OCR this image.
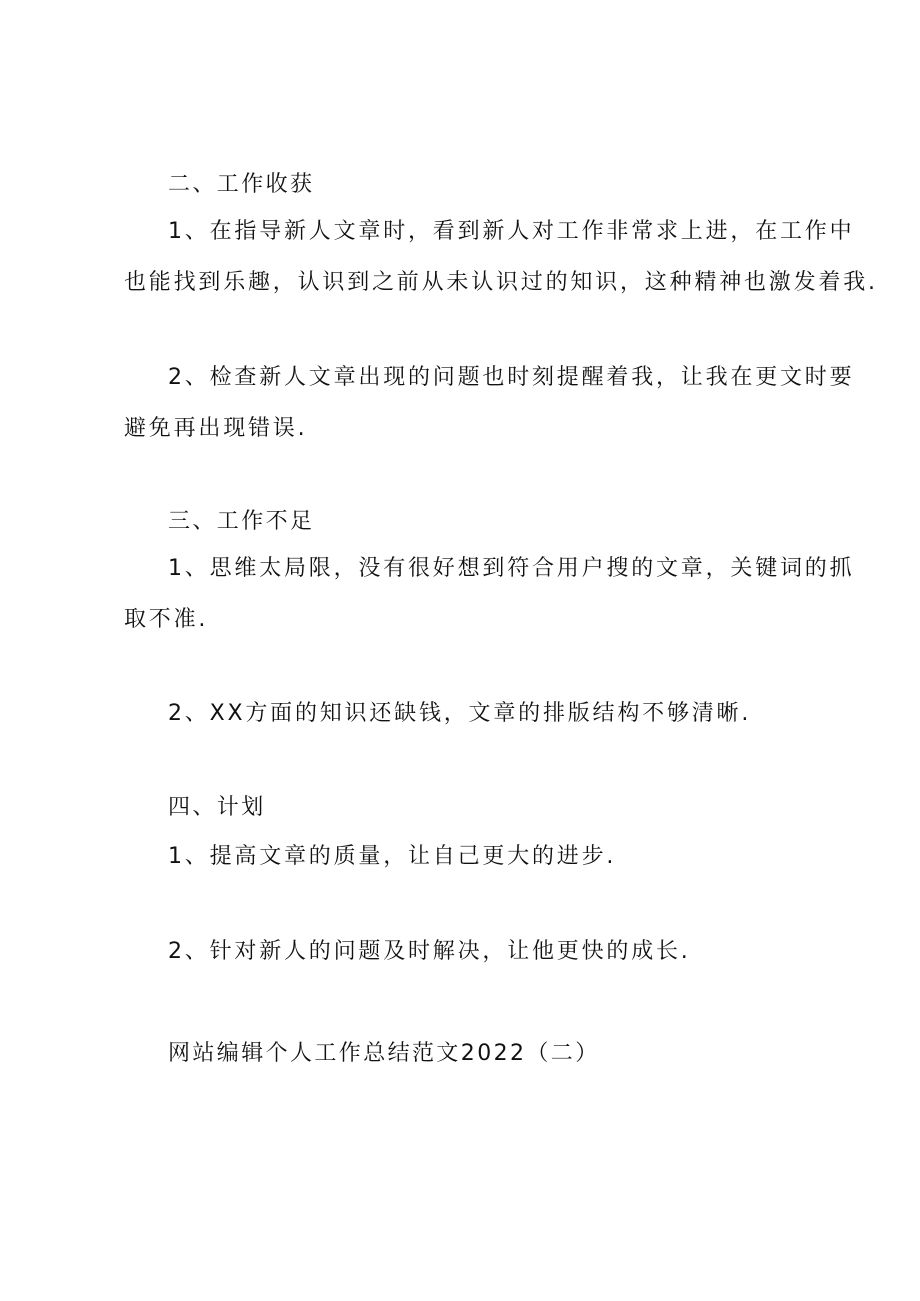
二、工作收获
1、在指导新人文章时，看到新人对工作非常求上进，在工作中
也能找到乐趣，认识到之前从未认识过的知识，这种精神也激发着我.
2、检查新人文章出现的问题也时刻提醒着我，让我在更文时要
避免再出现错误.
三、工作不足
1、思维太局限，没有很好想到符合用户搜的文章，关键词的抓
取不准.
2、XX方面的知识还缺钱，文章的排版结构不够清晰.
四、计划
1、提高文章的质量，让自己更大的进步.
2、针对新人的问题及时解决，让他更快的成长.
网站编辑个人工作总结范文2022（二）
